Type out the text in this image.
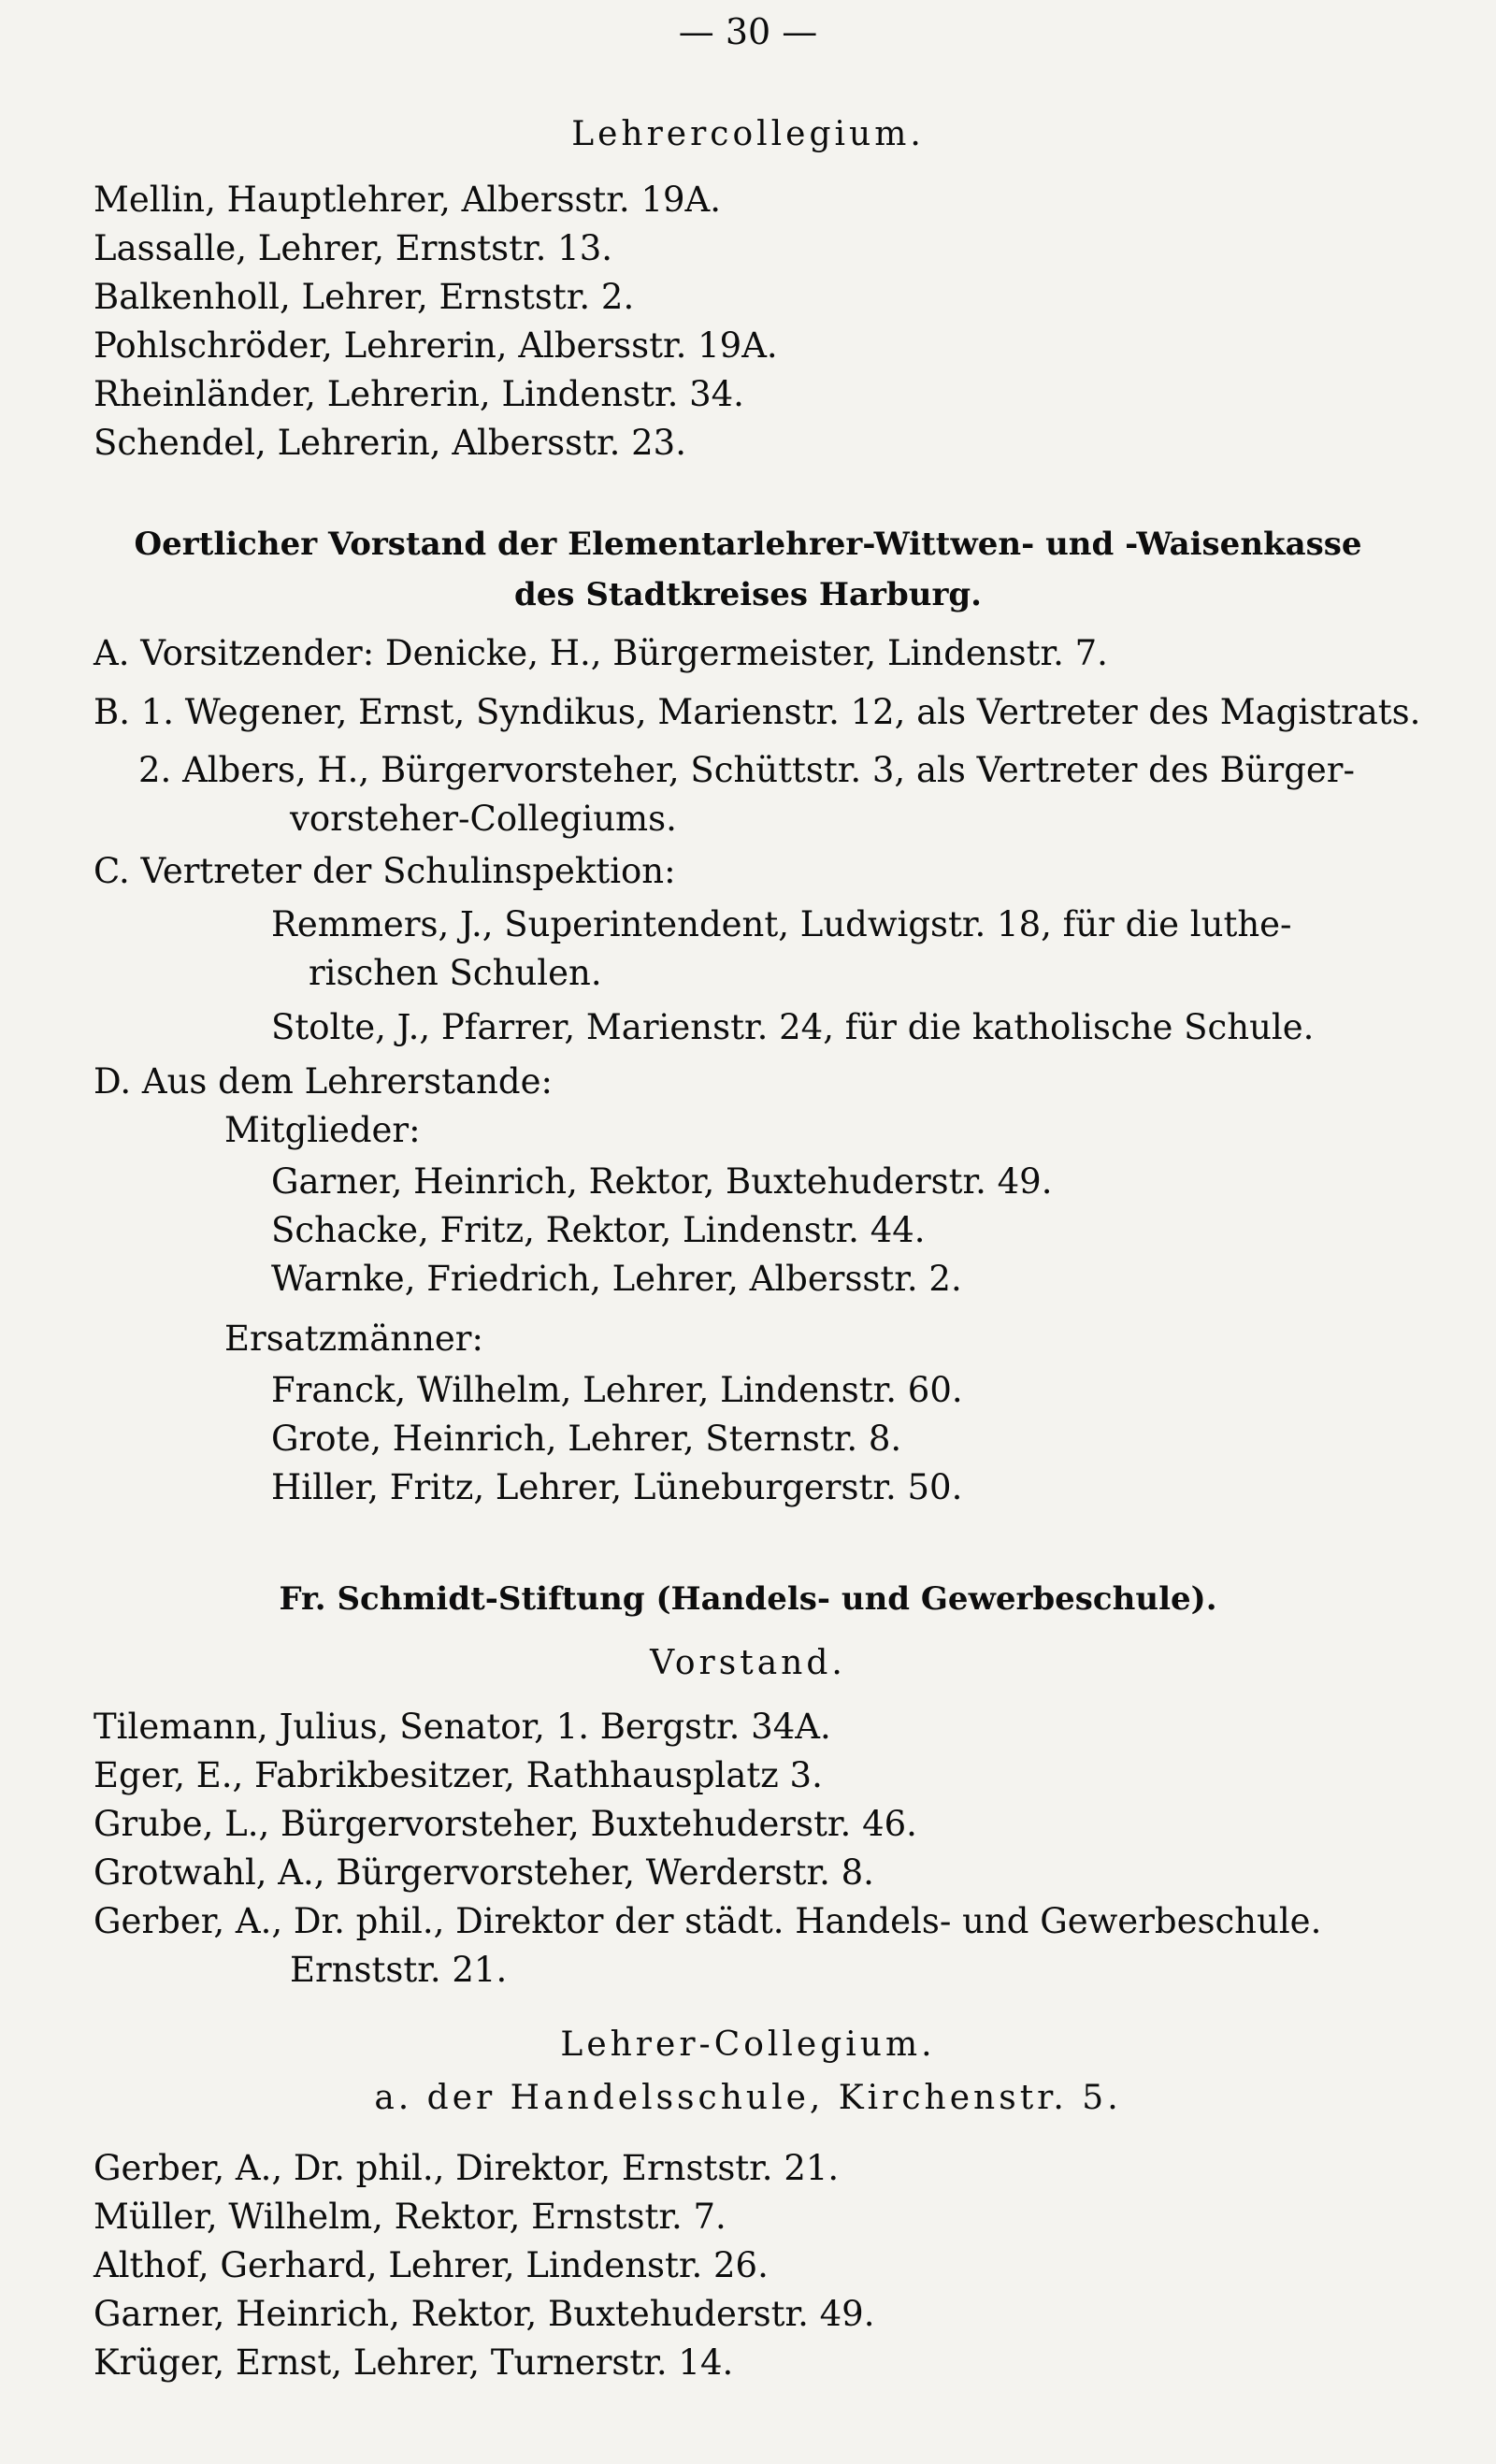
— 30 —
Lehrercollegium.
Mellin, Hauptlehrer, Albersstr. 19A.
Lassalle, Lehrer, Ernststr. 13.
Balkenholl, Lehrer, Ernststr. 2.
Pohlschröder, Lehrerin, Albersstr. 19A.
Rheinländer, Lehrerin, Lindenstr. 34.
Schendel, Lehrerin, Albersstr. 23.
Oertlicher Vorstand der Elementarlehrer-Wittwen- und -Waisenkasse
des Stadtkreises Harburg.
A. Vorsitzender: Denicke, H., Bürgermeister, Lindenstr. 7.
B. 1. Wegener, Ernst, Syndikus, Marienstr. 12, als Vertreter des Magistrats.
2. Albers, H., Bürgervorsteher, Schüttstr. 3, als Vertreter des Bürger-
vorsteher-Collegiums.
C. Vertreter der Schulinspektion:
Remmers, J., Superintendent, Ludwigstr. 18, für die luthe-
rischen Schulen.
Stolte, J., Pfarrer, Marienstr. 24, für die katholische Schule.
D. Aus dem Lehrerstande:
Mitglieder:
Garner, Heinrich, Rektor, Buxtehuderstr. 49.
Schacke, Fritz, Rektor, Lindenstr. 44.
Warnke, Friedrich, Lehrer, Albersstr. 2.
Ersatzmänner:
Franck, Wilhelm, Lehrer, Lindenstr. 60.
Grote, Heinrich, Lehrer, Sternstr. 8.
Hiller, Fritz, Lehrer, Lüneburgerstr. 50.
Fr. Schmidt-Stiftung (Handels- und Gewerbeschule).
Vorstand.
Tilemann, Julius, Senator, 1. Bergstr. 34A.
Eger, E., Fabrikbesitzer, Rathhausplatz 3.
Grube, L., Bürgervorsteher, Buxtehuderstr. 46.
Grotwahl, A., Bürgervorsteher, Werderstr. 8.
Gerber, A., Dr. phil., Direktor der städt. Handels- und Gewerbeschule.
Ernststr. 21.
Lehrer-Collegium.
a. der Handelsschule, Kirchenstr. 5.
Gerber, A., Dr. phil., Direktor, Ernststr. 21.
Müller, Wilhelm, Rektor, Ernststr. 7.
Althof, Gerhard, Lehrer, Lindenstr. 26.
Garner, Heinrich, Rektor, Buxtehuderstr. 49.
Krüger, Ernst, Lehrer, Turnerstr. 14.
